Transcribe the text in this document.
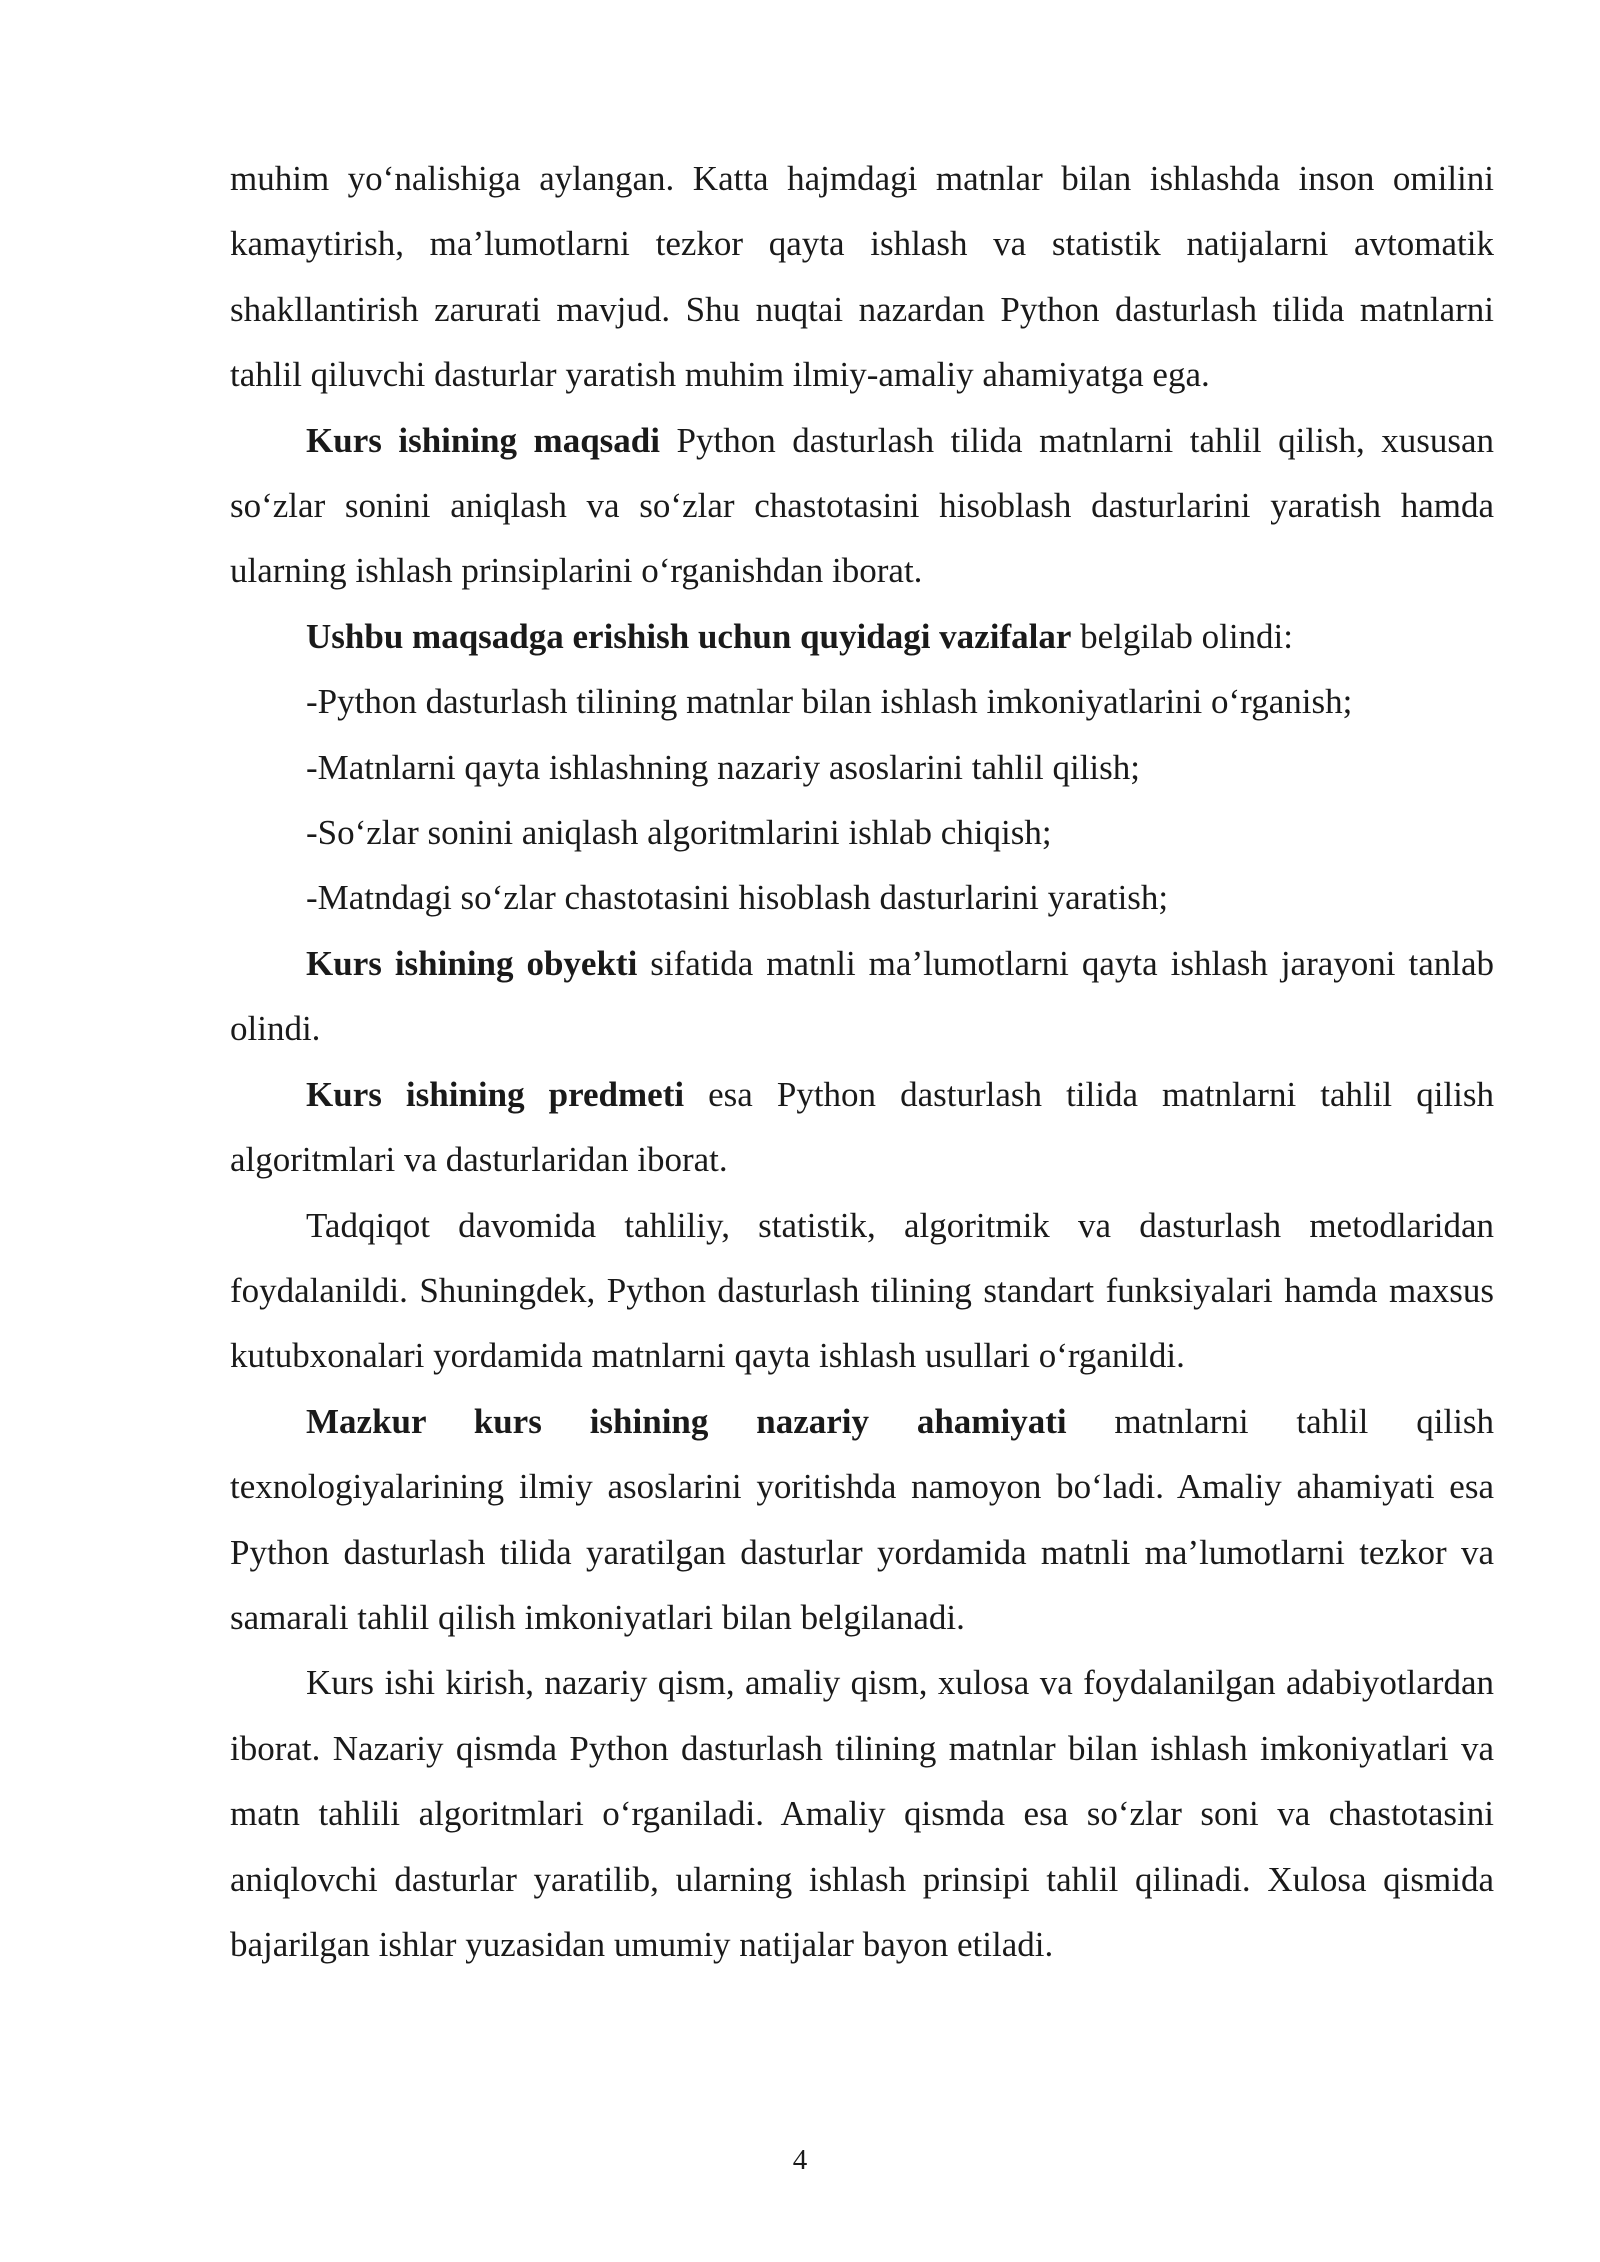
muhim yo‘nalishiga aylangan. Katta hajmdagi matnlar bilan ishlashda inson omilini kamaytirish, ma’lumotlarni tezkor qayta ishlash va statistik natijalarni avtomatik shakllantirish zarurati mavjud. Shu nuqtai nazardan Python dasturlash tilida matnlarni tahlil qiluvchi dasturlar yaratish muhim ilmiy-amaliy ahamiyatga ega.

Kurs ishining maqsadi Python dasturlash tilida matnlarni tahlil qilish, xususan so‘zlar sonini aniqlash va so‘zlar chastotasini hisoblash dasturlarini yaratish hamda ularning ishlash prinsiplarini o‘rganishdan iborat.

Ushbu maqsadga erishish uchun quyidagi vazifalar belgilab olindi:

-Python dasturlash tilining matnlar bilan ishlash imkoniyatlarini o‘rganish;

-Matnlarni qayta ishlashning nazariy asoslarini tahlil qilish;

-So‘zlar sonini aniqlash algoritmlarini ishlab chiqish;

-Matndagi so‘zlar chastotasini hisoblash dasturlarini yaratish;

Kurs ishining obyekti sifatida matnli ma’lumotlarni qayta ishlash jarayoni tanlab olindi.

Kurs ishining predmeti esa Python dasturlash tilida matnlarni tahlil qilish algoritmlari va dasturlaridan iborat.

Tadqiqot davomida tahliliy, statistik, algoritmik va dasturlash metodlaridan foydalanildi. Shuningdek, Python dasturlash tilining standart funksiyalari hamda maxsus kutubxonalari yordamida matnlarni qayta ishlash usullari o‘rganildi.

Mazkur kurs ishining nazariy ahamiyati matnlarni tahlil qilish texnologiyalarining ilmiy asoslarini yoritishda namoyon bo‘ladi. Amaliy ahamiyati esa Python dasturlash tilida yaratilgan dasturlar yordamida matnli ma’lumotlarni tezkor va samarali tahlil qilish imkoniyatlari bilan belgilanadi.

Kurs ishi kirish, nazariy qism, amaliy qism, xulosa va foydalanilgan adabiyotlardan iborat. Nazariy qismda Python dasturlash tilining matnlar bilan ishlash imkoniyatlari va matn tahlili algoritmlari o‘rganiladi. Amaliy qismda esa so‘zlar soni va chastotasini aniqlovchi dasturlar yaratilib, ularning ishlash prinsipi tahlil qilinadi. Xulosa qismida bajarilgan ishlar yuzasidan umumiy natijalar bayon etiladi.

4
